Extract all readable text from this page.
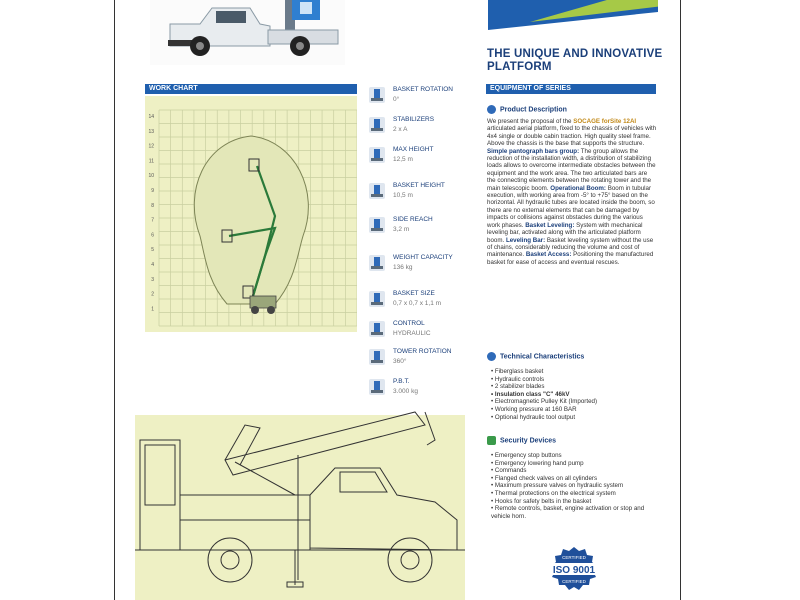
THE UNIQUE AND INNOVATIVE
PLATFORM
EQUIPMENT OF SERIES
WORK CHART
14
13
12
11
10
9
8
7
6
5
4
3
2
1
BASKET ROTATION
0°
STABILIZERS
2 x A
MAX HEIGHT
12,5 m
BASKET HEIGHT
10,5 m
SIDE REACH
3,2 m
WEIGHT CAPACITY
136 kg
BASKET SIZE
0,7 x 0,7 x 1,1 m
CONTROL
HYDRAULIC
TOWER ROTATION
360°
P.B.T.
3.000 kg
Product Description
We present the proposal of the SOCAGE forSite 12AI articulated aerial platform, fixed to the chassis of vehicles with 4x4 single or double cabin traction. High quality steel frame. Above the chassis is the base that supports the structure. Simple pantograph bars group: The group allows the reduction of the installation width, a distribution of stabilizing loads allows to overcome intermediate obstacles between the equipment and the work area. The two articulated bars are the connecting elements between the rotating tower and the main telescopic boom. Operational Boom: Boom in tubular execution, with working area from -5° to +75° based on the horizontal. All hydraulic tubes are located inside the boom, so there are no external elements that can be damaged by impacts or collisions against obstacles during the various work phases. Basket Leveling: System with mechanical leveling bar, activated along with the articulated platform boom. Leveling Bar: Basket leveling system without the use of chains, considerably reducing the volume and cost of maintenance. Basket Access: Positioning the manufactured basket for ease of access and eventual rescues.
Technical Characteristics
• Fiberglass basket
• Hydraulic controls
• 2 stabilizer blades
• Insulation class "C" 46kV
• Electromagnetic Pulley Kit (Imported)
• Working pressure at 160 BAR
• Optional hydraulic tool output
Security Devices
• Emergency stop buttons
• Emergency lowering hand pump
• Commands
• Flanged check valves on all cylinders
• Maximum pressure valves on hydraulic system
• Thermal protections on the electrical system
• Hooks for safety belts in the basket
• Remote controls, basket, engine activation or stop and vehicle horn.
CERTIFIED
ISO 9001
CERTIFIED
